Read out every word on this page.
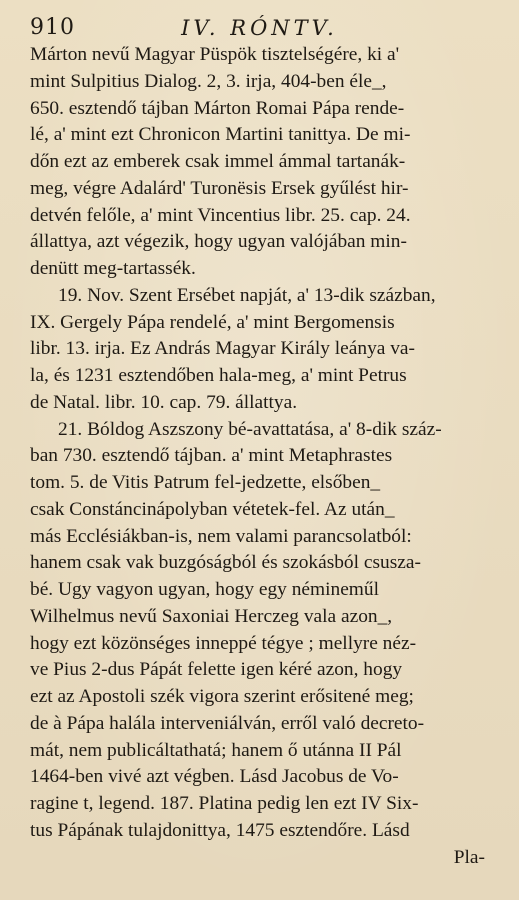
910	IV. RÓNTV.
Márton nevű Magyar Püspök tisztelségére, ki a'
mint Sulpitius Dialog. 2, 3. irja, 404-ben éle_,
650. esztendő tájban Márton Romai Pápa rende-
lé, a' mint ezt Chronicon Martini tanittya. De mi-
dőn ezt az emberek csak immel ámmal tartanák-
meg, végre Adalárd' Turonësis Ersek gyűlést hir-
detvén felőle, a' mint Vincentius libr. 25. cap. 24.
állattya, azt végezik, hogy ugyan valójában min-
denütt meg-tartassék.
19. Nov. Szent Ersébet napját, a' 13-dik százban,
IX. Gergely Pápa rendelé, a' mint Bergomensis
libr. 13. irja. Ez András Magyar Király leánya va-
la, és 1231 esztendőben hala-meg, a' mint Petrus
de Natal. libr. 10. cap. 79. állattya.
21. Bóldog Aszszony bé-avattatása, a' 8-dik száz-
ban 730. esztendő tájban. a' mint Metaphrastes
tom. 5. de Vitis Patrum fel-jedzette, elsőben_
csak Constáncinápolyban vétetek-fel. Az után_
más Ecclésiákban-is, nem valami parancsolatból:
hanem csak vak buzgóságból és szokásból csusza-
bé. Ugy vagyon ugyan, hogy egy némineműl
Wilhelmus nevű Saxoniai Herczeg vala azon_,
hogy ezt közönséges inneppé tégye ; mellyre néz-
ve Pius 2-dus Pápát felette igen kéré azon, hogy
ezt az Apostoli szék vigora szerint erősitené meg;
de à Pápa halála interveniálván, erről való decreto-
mát, nem publicáltathatá; hanem ő utánna II Pál
1464-ben vivé azt végben. Lásd Jacobus de Vo-
ragine t, legend. 187. Platina pedig len ezt IV Six-
tus Pápának tulajdonittya, 1475 esztendőre. Lásd
Pla-
